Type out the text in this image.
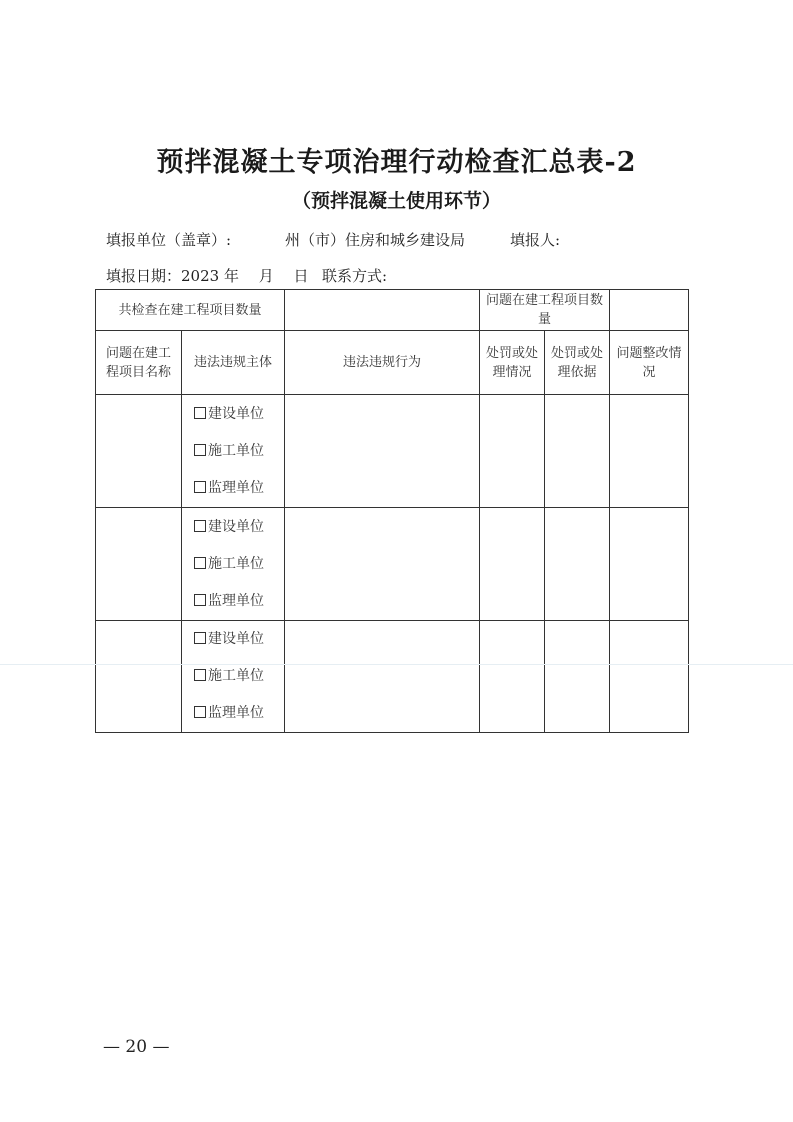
预拌混凝土专项治理行动检查汇总表-2
（预拌混凝土使用环节）
填报单位（盖章）:	州（市）住房和城乡建设局	填报人:
填报日期：2023 年　 月　 日 联系方式:
共检查在建工程项目数量			问题在建工程项目数量		
问题在建工程项目名称	违法违规主体	违法违规行为	处罚或处理情况	处罚或处理依据	问题整改情况

	建设单位
施工单位
监理单位				

	建设单位
施工单位
监理单位				

	建设单位
施工单位
监理单位				

— 20 —
